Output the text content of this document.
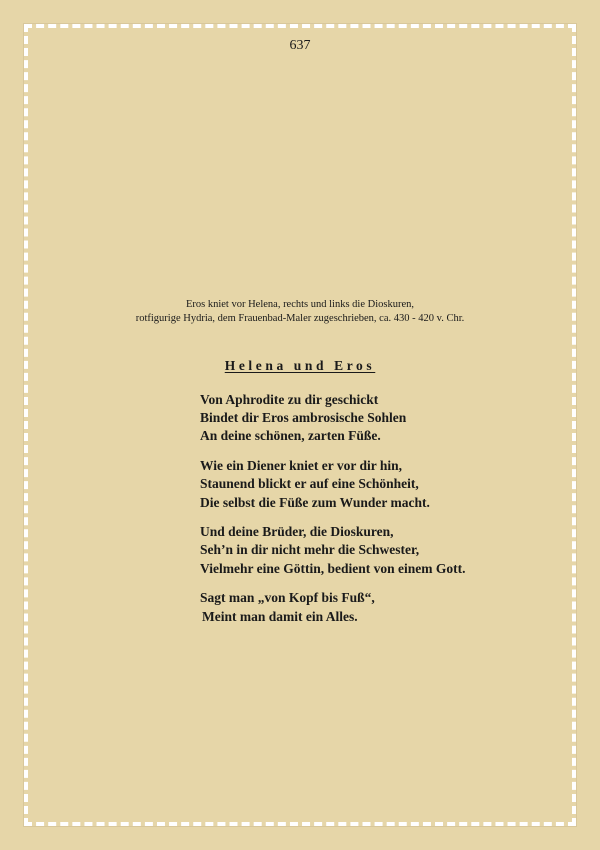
637
Eros kniet vor Helena, rechts und links die Dioskuren,
rotfigurige Hydria, dem Frauenbad-Maler zugeschrieben, ca. 430 - 420 v. Chr.
Helena und Eros
Von Aphrodite zu dir geschickt
Bindet dir Eros ambrosische Sohlen
An deine schönen, zarten Füße.
Wie ein Diener kniet er vor dir hin,
Staunend blickt er auf eine Schönheit,
Die selbst die Füße zum Wunder macht.
Und deine Brüder, die Dioskuren,
Seh’n in dir nicht mehr die Schwester,
Vielmehr eine Göttin, bedient von einem Gott.
Sagt man „von Kopf bis Fuß“,
Meint man damit ein Alles.
